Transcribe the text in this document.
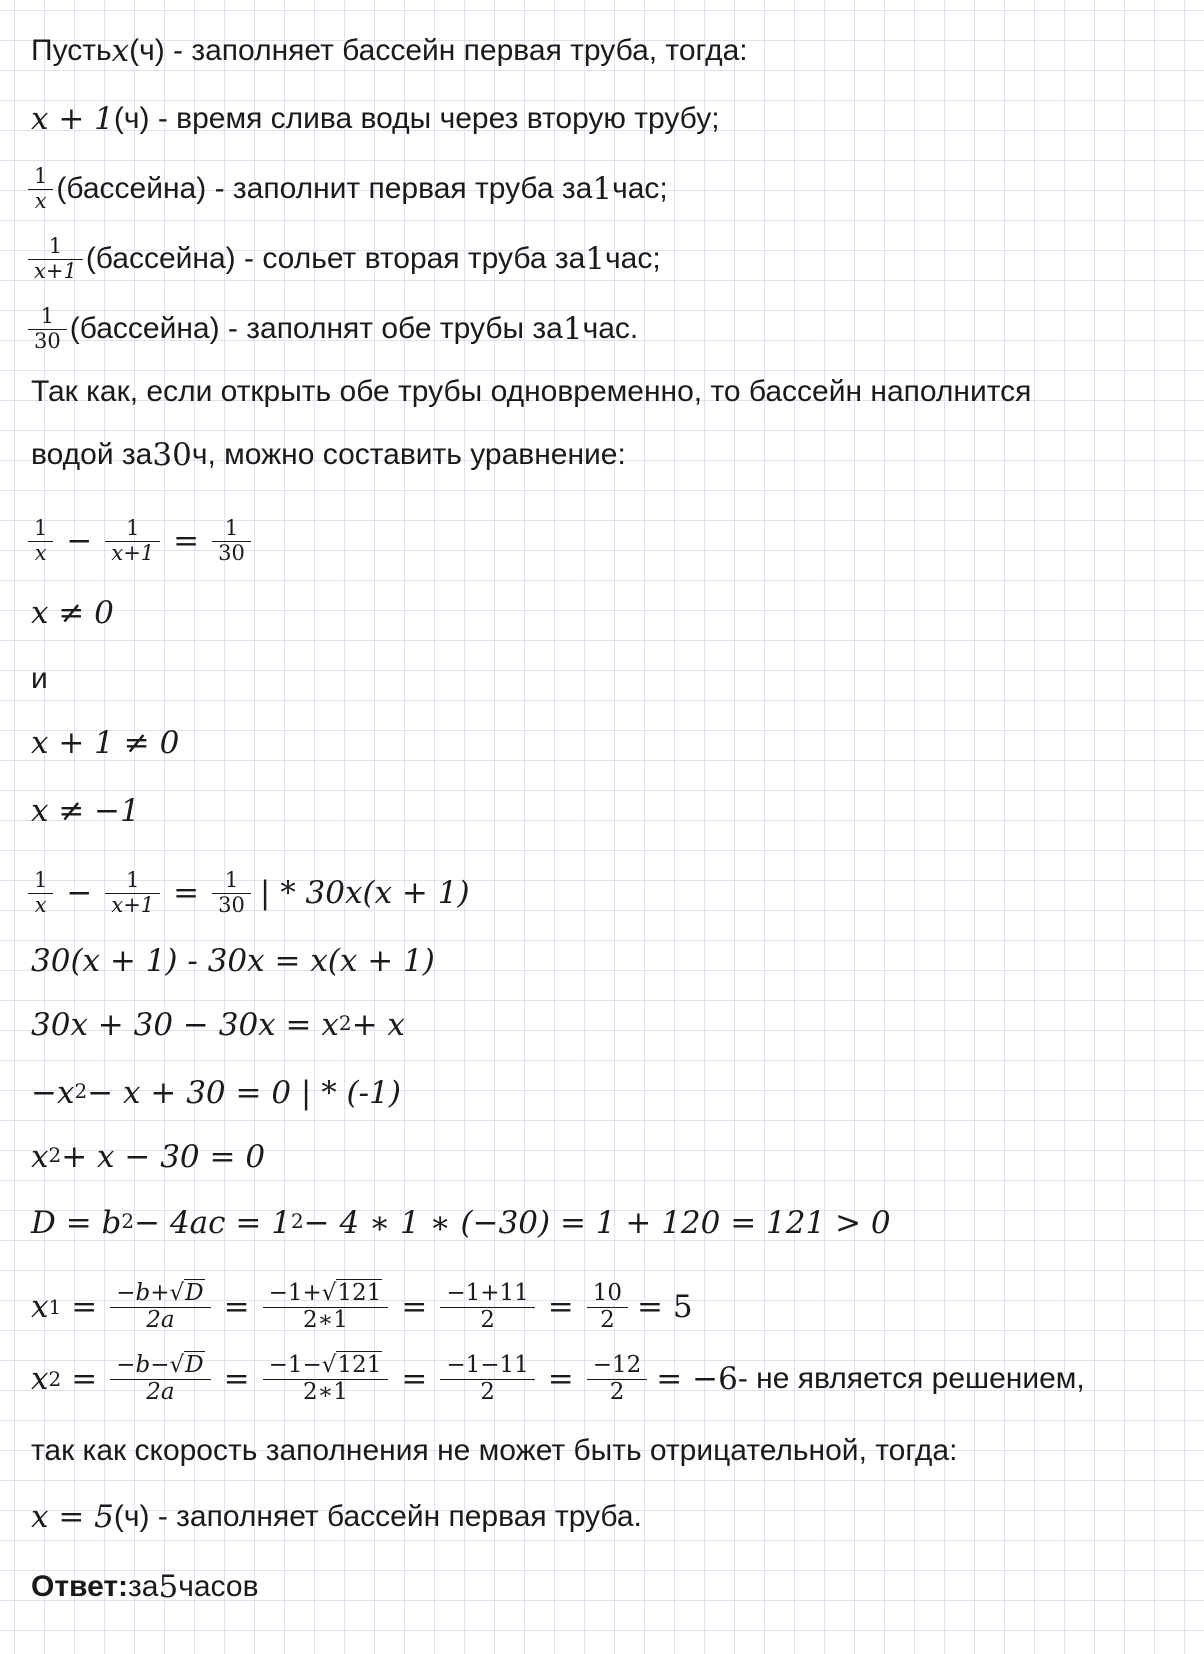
Пусть x (ч) - заполняет бассейн первая труба, тогда:
x + 1 (ч) - время слива воды через вторую трубу;
$\frac{1}{x}$ (бассейна) - заполнит первая труба за 1 час;
$\frac{1}{x+1}$ (бассейна) - сольет вторая труба за 1 час;
$\frac{1}{30}$ (бассейна) - заполнят обе трубы за 1 час.
Так как, если открыть обе трубы одновременно, то бассейн наполнится
водой за 30 ч, можно составить уравнение:
$\frac{1}{x} - \frac{1}{x+1} = \frac{1}{30}$
x ≠ 0
и
x + 1 ≠ 0
x ≠ −1
$\frac{1}{x} - \frac{1}{x+1} = \frac{1}{30}$ | * 30x(x + 1)
30(x + 1) - 30x = x(x + 1)
30x + 30 − 30x = x 2 + x
−x 2 − x + 30 = 0 | * (-1)
x 2 + x − 30 = 0
D = b 2 − 4ac = 1 2 − 4 ∗ 1 ∗ (−30) = 1 + 120 = 121 > 0
x $1 = \frac{-b+√D}{2a} = \frac{-1+√121}{2∗1} = \frac{-1+11}{2} = \frac{10}{2} = 5$
x $2 = \frac{-b-√D}{2a} = \frac{-1-√121}{2∗1} = \frac{-1-11}{2} = \frac{-12}{2} = -6$ - не является решением,
так как скорость заполнения не может быть отрицательной, тогда:
x = 5 (ч) - заполняет бассейн первая труба.
Ответ: за 5 часов
